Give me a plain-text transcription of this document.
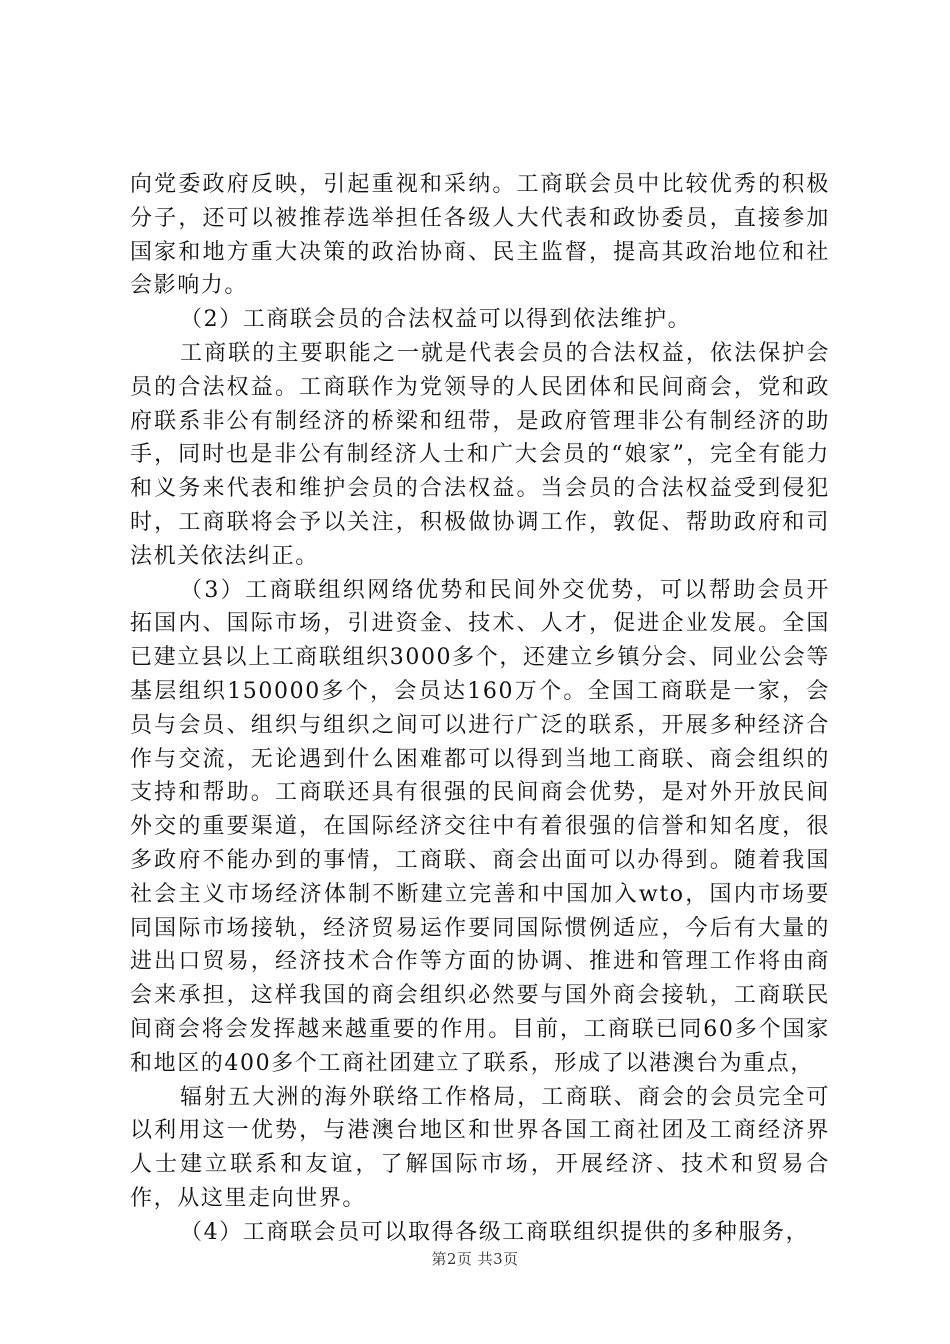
向党委政府反映，引起重视和采纳。工商联会员中比较优秀的积极分子，还可以被推荐选举担任各级人大代表和政协委员，直接参加国家和地方重大决策的政治协商、民主监督，提高其政治地位和社会影响力。

（2）工商联会员的合法权益可以得到依法维护。

工商联的主要职能之一就是代表会员的合法权益，依法保护会员的合法权益。工商联作为党领导的人民团体和民间商会，党和政府联系非公有制经济的桥梁和纽带，是政府管理非公有制经济的助手，同时也是非公有制经济人士和广大会员的“娘家”，完全有能力和义务来代表和维护会员的合法权益。当会员的合法权益受到侵犯时，工商联将会予以关注，积极做协调工作，敦促、帮助政府和司法机关依法纠正。

（3）工商联组织网络优势和民间外交优势，可以帮助会员开拓国内、国际市场，引进资金、技术、人才，促进企业发展。全国已建立县以上工商联组织3000多个，还建立乡镇分会、同业公会等基层组织150000多个，会员达160万个。全国工商联是一家，会员与会员、组织与组织之间可以进行广泛的联系，开展多种经济合作与交流，无论遇到什么困难都可以得到当地工商联、商会组织的支持和帮助。工商联还具有很强的民间商会优势，是对外开放民间外交的重要渠道，在国际经济交往中有着很强的信誉和知名度，很多政府不能办到的事情，工商联、商会出面可以办得到。随着我国社会主义市场经济体制不断建立完善和中国加入wto，国内市场要同国际市场接轨，经济贸易运作要同国际惯例适应，今后有大量的进出口贸易，经济技术合作等方面的协调、推进和管理工作将由商会来承担，这样我国的商会组织必然要与国外商会接轨，工商联民间商会将会发挥越来越重要的作用。目前，工商联已同60多个国家和地区的400多个工商社团建立了联系，形成了以港澳台为重点，

辐射五大洲的海外联络工作格局，工商联、商会的会员完全可以利用这一优势，与港澳台地区和世界各国工商社团及工商经济界人士建立联系和友谊，了解国际市场，开展经济、技术和贸易合作，从这里走向世界。

（4）工商联会员可以取得各级工商联组织提供的多种服务，

第2页 共3页
